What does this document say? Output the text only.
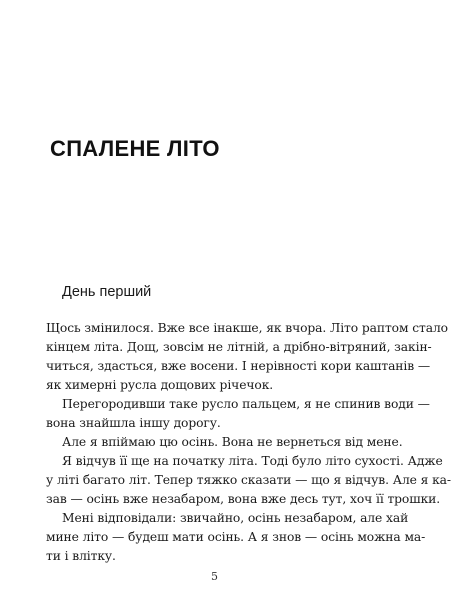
СПАЛЕНЕ ЛІТО
День перший
Щось змінилося. Вже все інакше, як вчора. Літо раптом стало
кінцем літа. Дощ, зовсім не літній, а дрібно-вітряний, закін-
читься, здасться, вже восени. І нерівності кори каштанів —
як химерні русла дощових річечок.
Перегородивши таке русло пальцем, я не спинив води —
вона знайшла іншу дорогу.
Але я впіймаю цю осінь. Вона не вернеться від мене.
Я відчув її ще на початку літа. Тоді було літо сухості. Адже
у літі багато літ. Тепер тяжко сказати — що я відчув. Але я ка-
зав — осінь вже незабаром, вона вже десь тут, хоч її трошки.
Мені відповідали: звичайно, осінь незабаром, але хай
мине літо — будеш мати осінь. А я знов — осінь можна ма-
ти і влітку.
5
